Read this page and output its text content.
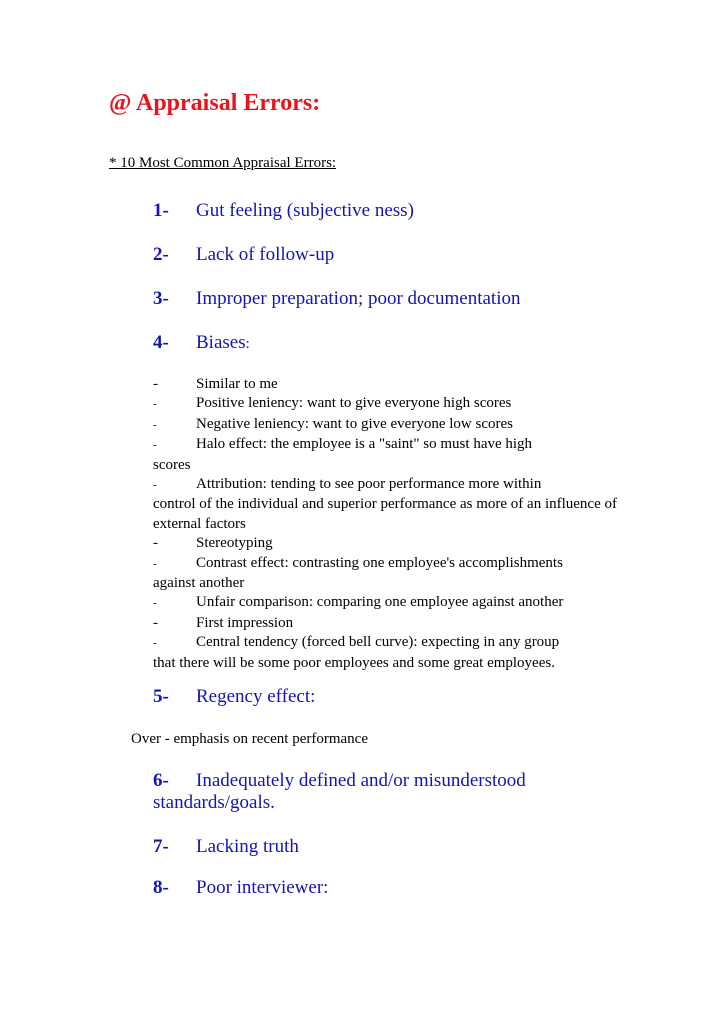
@ Appraisal Errors:
* 10 Most Common Appraisal Errors:
1- Gut feeling (subjective ness)
2- Lack of follow-up
3- Improper preparation; poor documentation
4- Biases:

-	Similar to me

-	Positive leniency: want to give everyone high scores

-	Negative leniency: want to give everyone low scores

-	Halo effect: the employee is a "saint" so must have high
scores

-	Attribution: tending to see poor performance more within
control of the individual and superior performance as more of an influence of external factors

-	Stereotyping

-	Contrast effect: contrasting one employee's accomplishments
against another

-	Unfair comparison: comparing one employee against another

-	First impression

-	Central tendency (forced bell curve): expecting in any group
that there will be some poor employees and some great employees.

5- Regency effect:
Over - emphasis on recent performance
6- Inadequately defined and/or misunderstood
standards/goals.
7- Lacking truth
8- Poor interviewer:
